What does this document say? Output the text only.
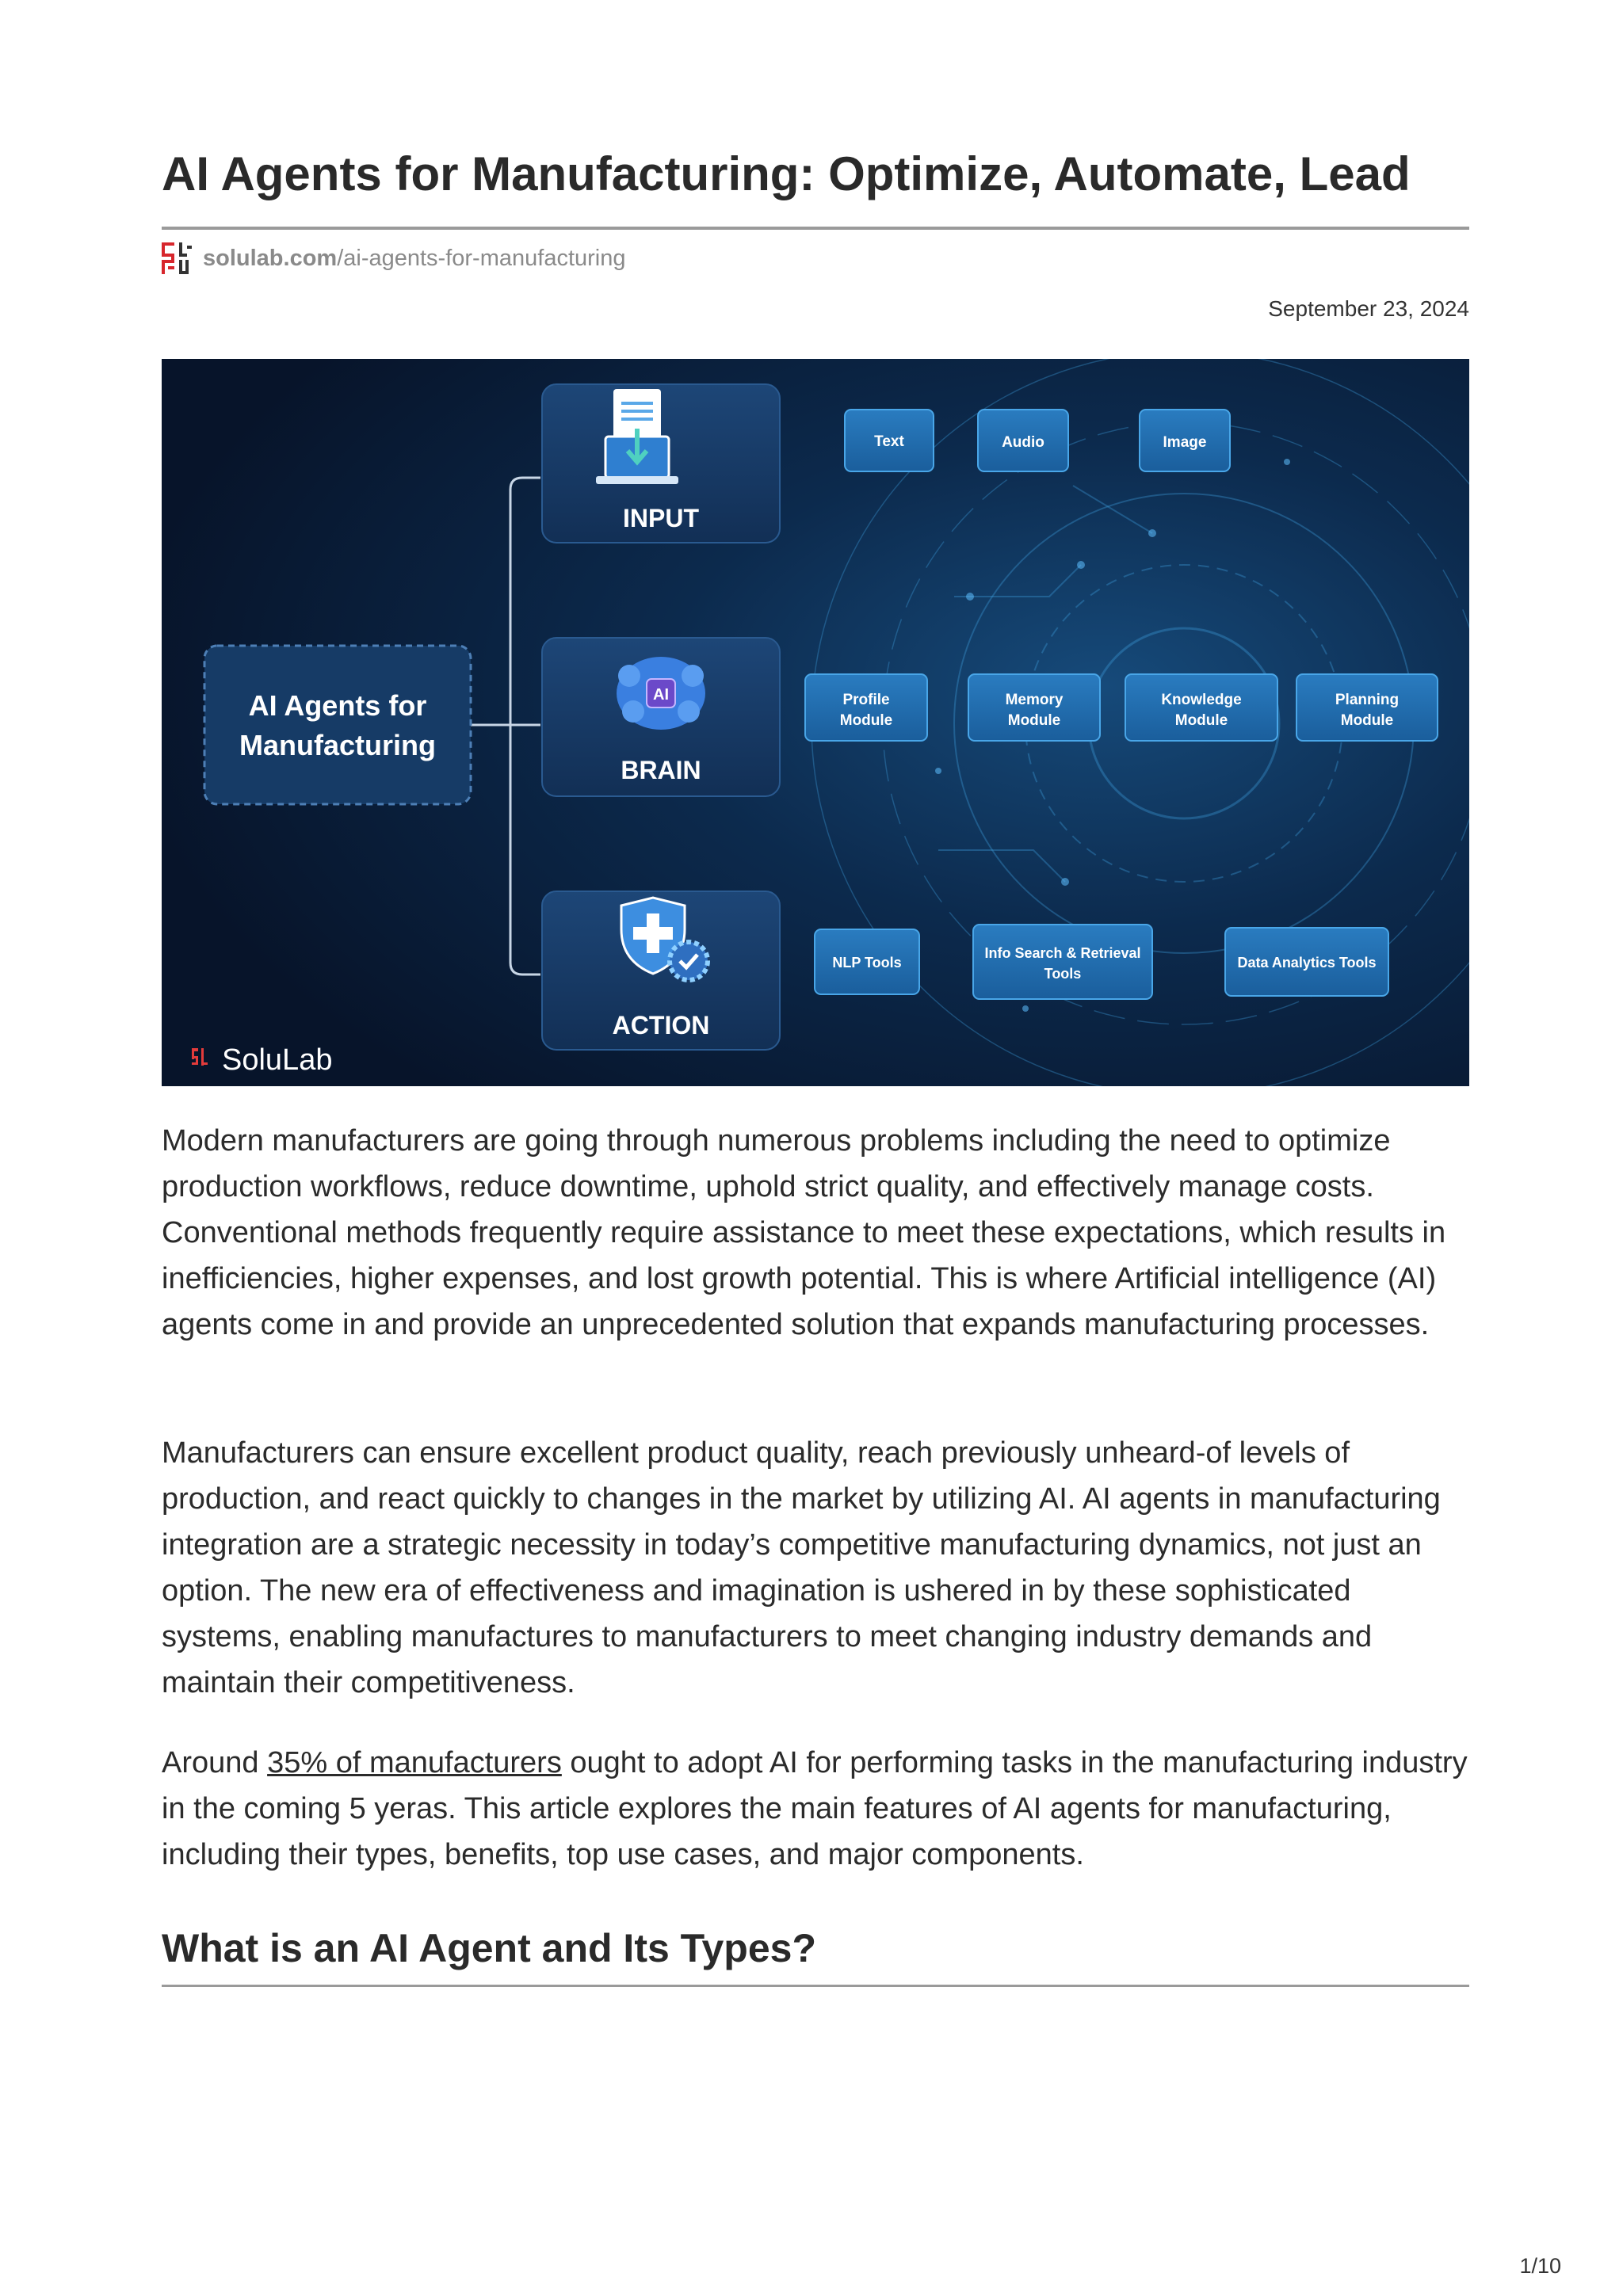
AI Agents for Manufacturing: Optimize, Automate, Lead
solulab.com/ai-agents-for-manufacturing
September 23, 2024
AI Agents for
Manufacturing
INPUT
AI
BRAIN
ACTION
Text	Audio	Image
Profile
Module
Memory
Module
Knowledge
Module
Planning
Module
NLP Tools
Info Search & Retrieval
Tools
Data Analytics Tools
SoluLab

Modern manufacturers are going through numerous problems including the need to optimize production workflows, reduce downtime, uphold strict quality, and effectively manage costs. Conventional methods frequently require assistance to meet these expectations, which results in inefficiencies, higher expenses, and lost growth potential. This is where Artificial intelligence (AI) agents come in and provide an unprecedented solution that expands manufacturing processes.

Manufacturers can ensure excellent product quality, reach previously unheard-of levels of production, and react quickly to changes in the market by utilizing AI. AI agents in manufacturing integration are a strategic necessity in today’s competitive manufacturing dynamics, not just an option. The new era of effectiveness and imagination is ushered in by these sophisticated systems, enabling manufactures to manufacturers to meet changing industry demands and maintain their competitiveness.

Around 35% of manufacturers ought to adopt AI for performing tasks in the manufacturing industry in the coming 5 yeras. This article explores the main features of AI agents for manufacturing, including their types, benefits, top use cases, and major components.

What is an AI Agent and Its Types?
1/10
